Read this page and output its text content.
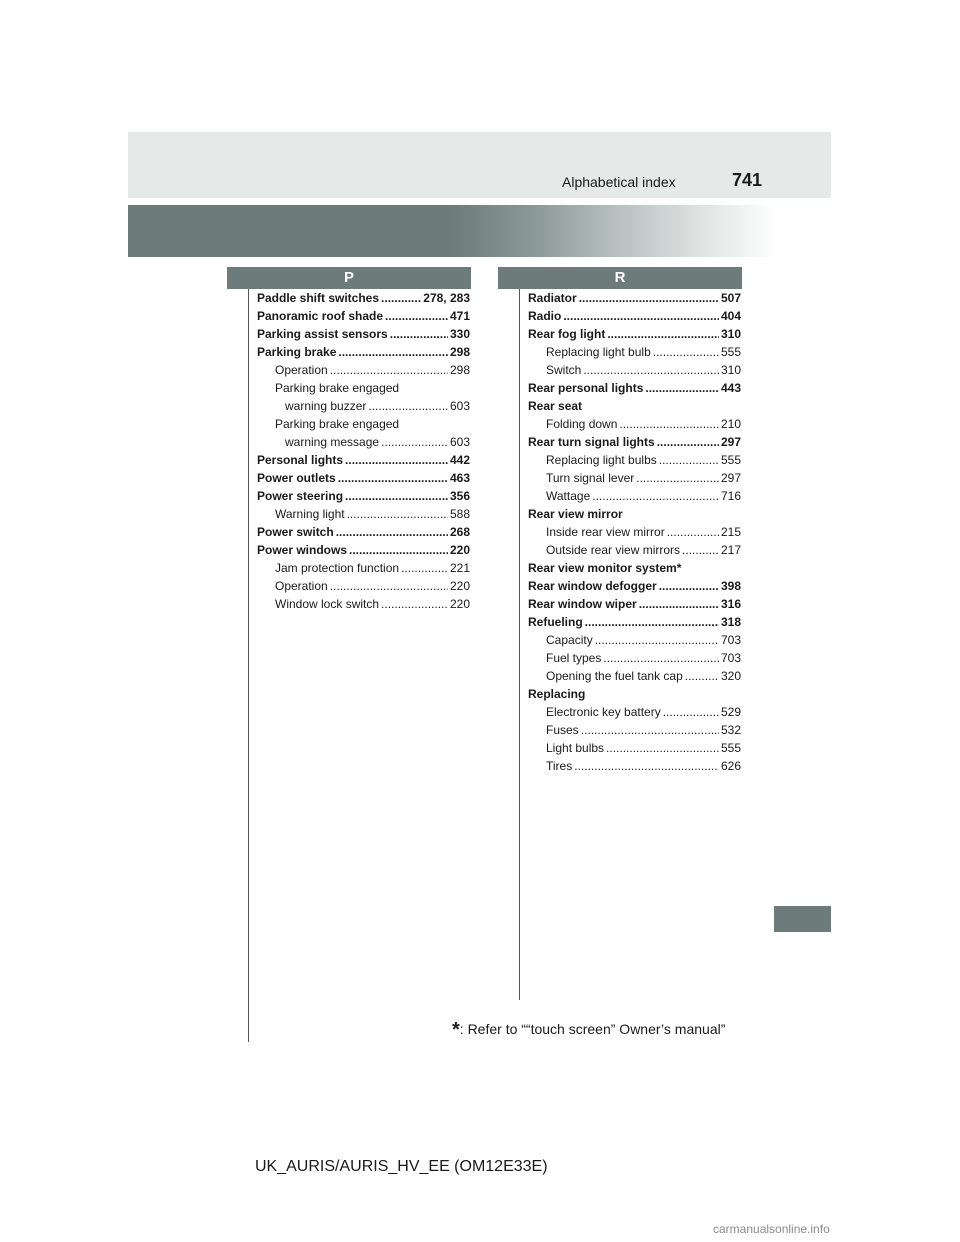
Alphabetical index	741
P	R
Paddle shift switches .....	278, 283
Panoramic roof shade .....	471
Parking assist sensors .....	330
Parking brake .....	298
Operation .....	298
Parking brake engaged
warning buzzer .....	603
Parking brake engaged
warning message .....	603
Personal lights .....	442
Power outlets .....	463
Power steering .....	356
Warning light .....	588
Power switch .....	268
Power windows .....	220
Jam protection function .....	221
Operation .....	220
Window lock switch .....	220
Radiator .....	507
Radio .....	404
Rear fog light .....	310
Replacing light bulb .....	555
Switch .....	310
Rear personal lights .....	443
Rear seat
Folding down .....	210
Rear turn signal lights .....	297
Replacing light bulbs .....	555
Turn signal lever .....	297
Wattage .....	716
Rear view mirror
Inside rear view mirror .....	215
Outside rear view mirrors .....	217
Rear view monitor system*
Rear window defogger .....	398
Rear window wiper .....	316
Refueling .....	318
Capacity .....	703
Fuel types .....	703
Opening the fuel tank cap .....	320
Replacing
Electronic key battery .....	529
Fuses .....	532
Light bulbs .....	555
Tires .....	626
*: Refer to ““touch screen” Owner’s manual”
UK_AURIS/AURIS_HV_EE (OM12E33E)
carmanualsonline.info
